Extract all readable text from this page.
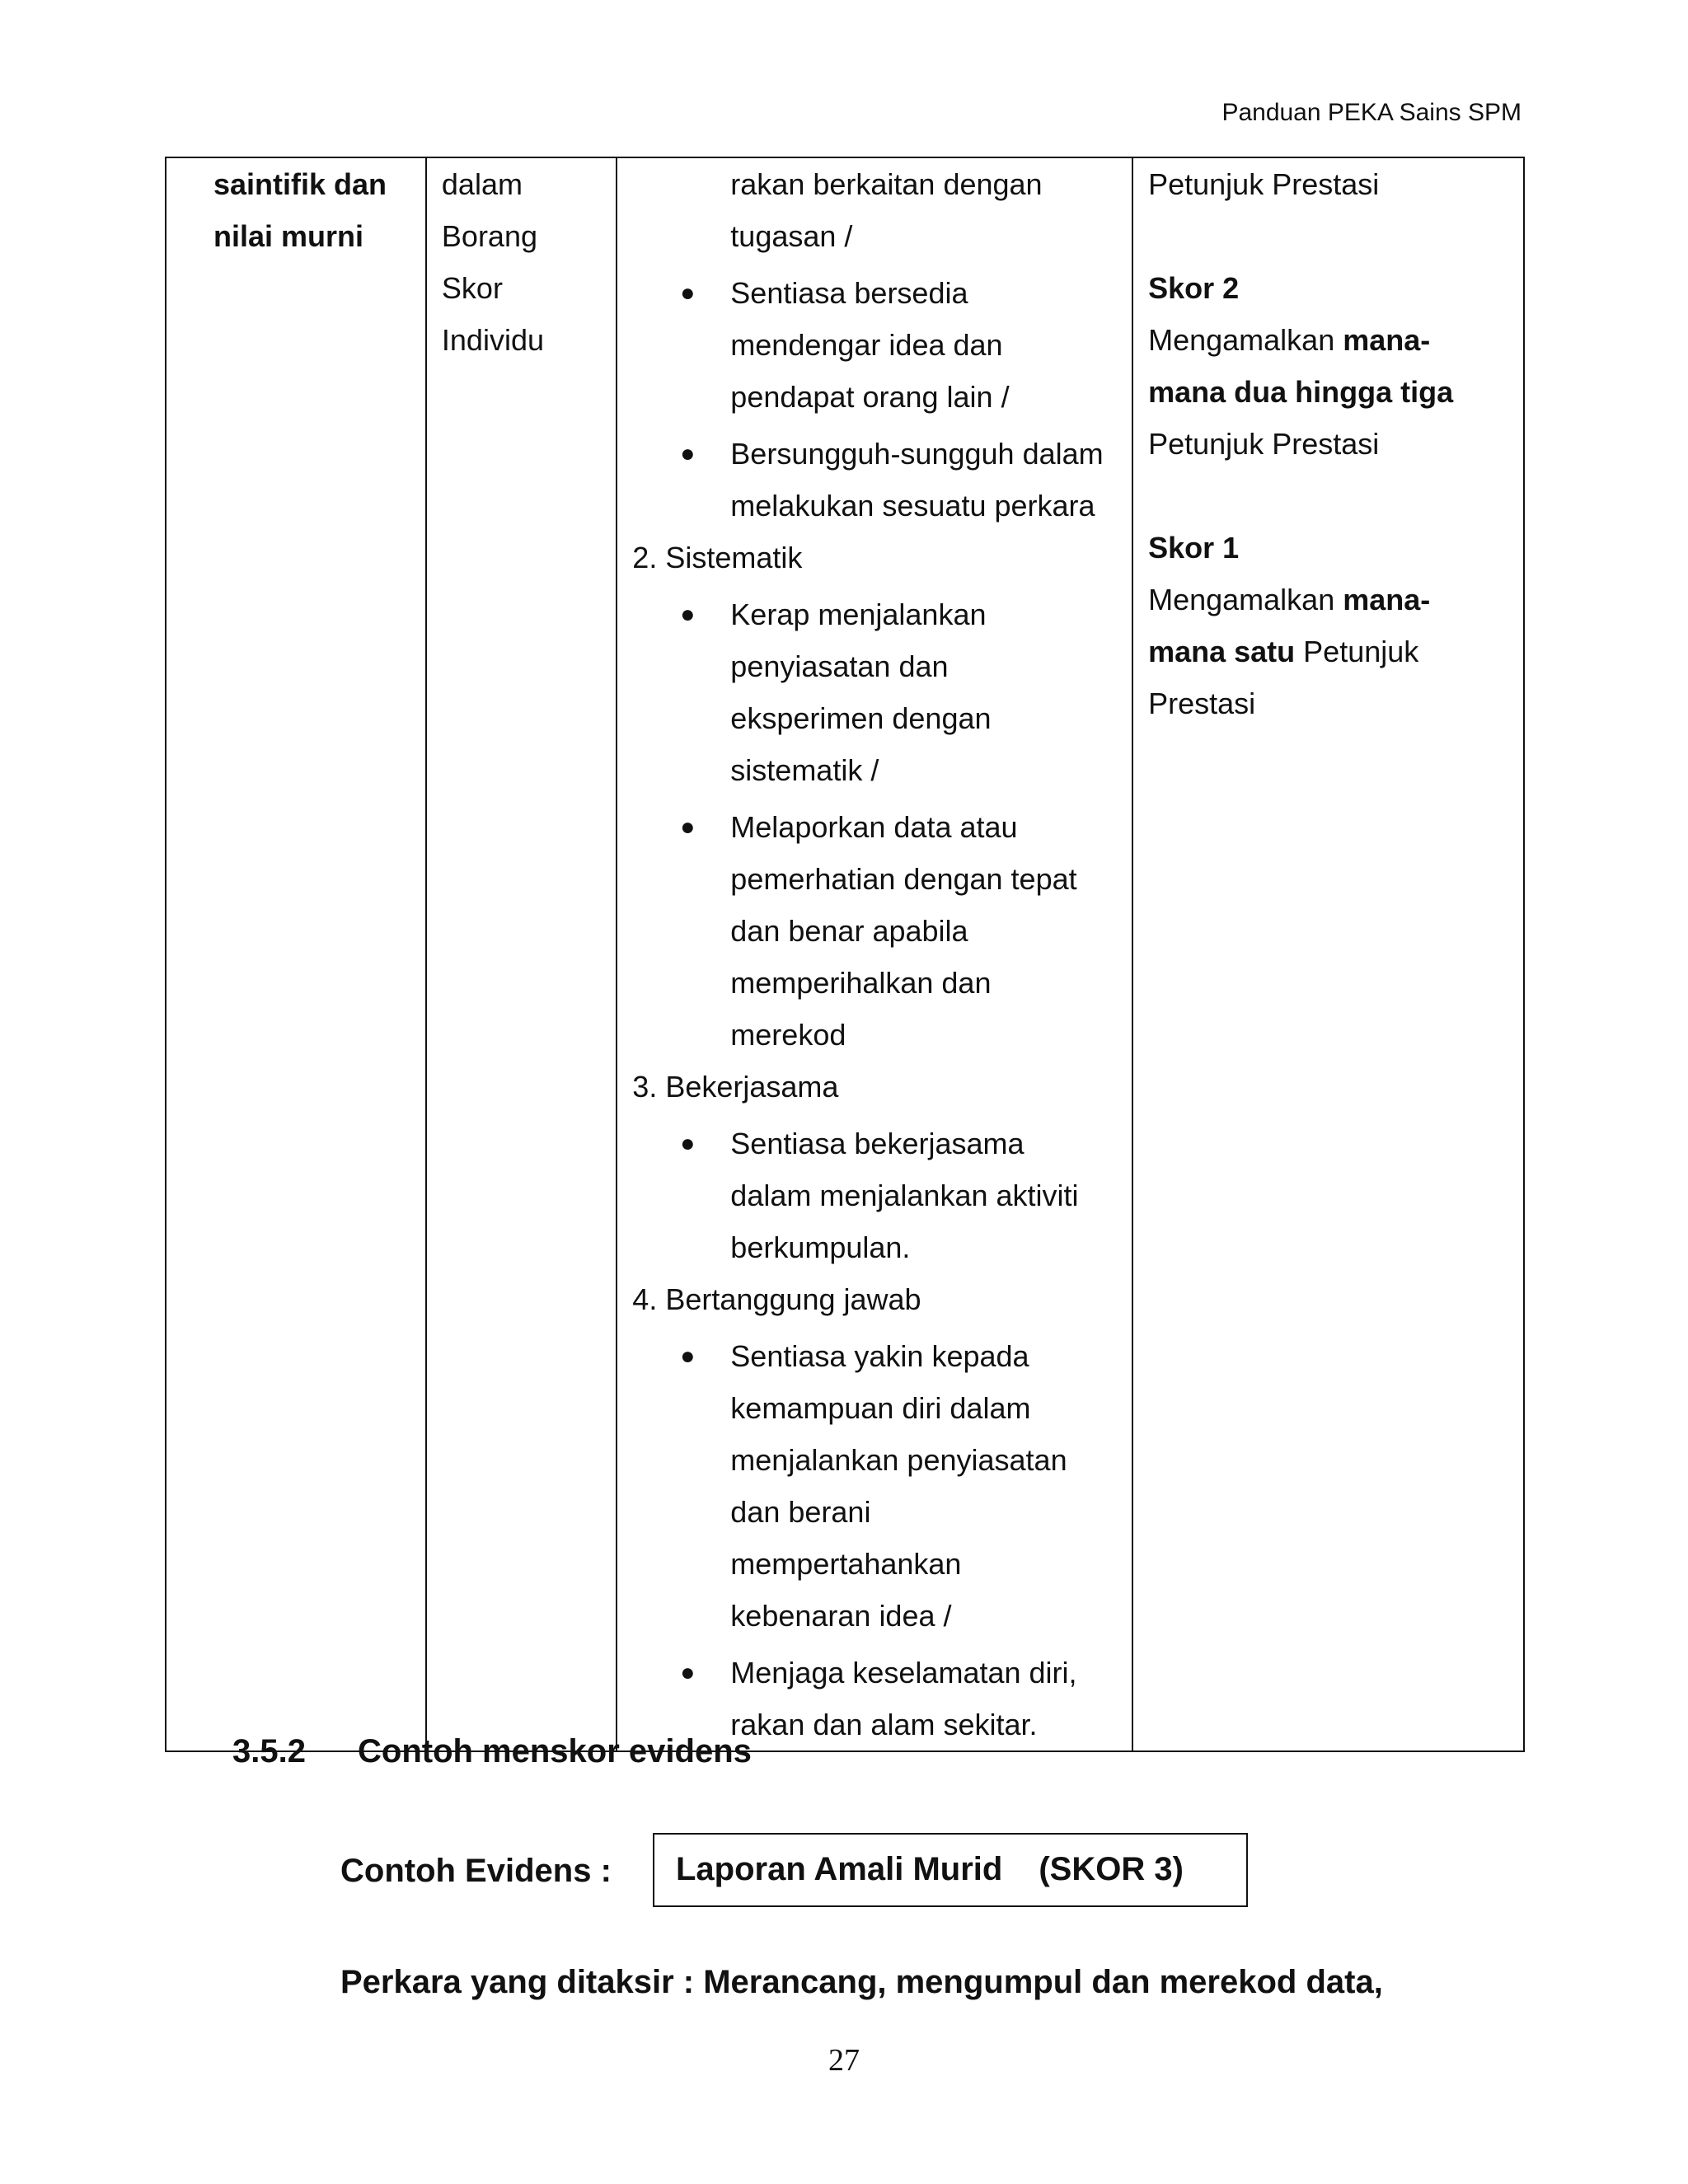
Panduan PEKA Sains SPM
saintifik dan
nilai murni

dalam
Borang
Skor
Individu

rakan berkaitan dengan
tugasan /
● Sentiasa bersedia
mendengar idea dan
pendapat orang lain /
● Bersungguh-sungguh dalam
melakukan sesuatu perkara
2. Sistematik
● Kerap menjalankan
penyiasatan dan
eksperimen dengan
sistematik /
● Melaporkan data atau
pemerhatian dengan tepat
dan benar apabila
memperihalkan dan
merekod
3. Bekerjasama
● Sentiasa bekerjasama
dalam menjalankan aktiviti
berkumpulan.
4. Bertanggung jawab
● Sentiasa yakin kepada
kemampuan diri dalam
menjalankan penyiasatan
dan berani
mempertahankan
kebenaran idea /
● Menjaga keselamatan diri,
rakan dan alam sekitar.

Petunjuk Prestasi
Skor 2
Mengamalkan mana-
mana dua hingga tiga
Petunjuk Prestasi
Skor 1
Mengamalkan mana-
mana satu Petunjuk
Prestasi
3.5.2 Contoh menskor evidens
Contoh Evidens :	Laporan Amali Murid (SKOR 3)
Perkara yang ditaksir : Merancang, mengumpul dan merekod data,
27
